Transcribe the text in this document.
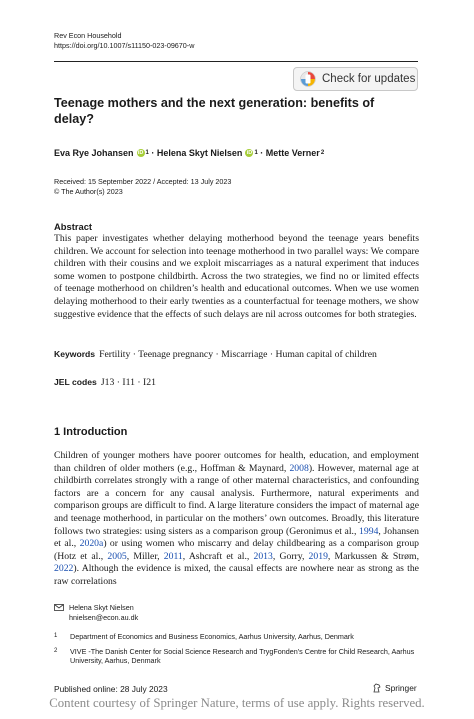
Rev Econ Household
https://doi.org/10.1007/s11150-023-09670-w
Check for updates
Teenage mothers and the next generation: benefits of delay?
Eva Rye Johansen iD 1 · Helena Skyt Nielsen iD 1 · Mette Verner 2
Received: 15 September 2022 / Accepted: 13 July 2023
© The Author(s) 2023
Abstract
This paper investigates whether delaying motherhood beyond the teenage years benefits children. We account for selection into teenage motherhood in two parallel ways: We compare children with their cousins and we exploit miscarriages as a natural experiment that induces some women to postpone childbirth. Across the two strategies, we find no or limited effects of teenage motherhood on children’s health and educational outcomes. When we use women delaying motherhood to their early twenties as a counterfactual for teenage mothers, we show suggestive evidence that the effects of such delays are nil across outcomes for both strategies.
Keywords Fertility · Teenage pregnancy · Miscarriage · Human capital of children
JEL codes J13 · I11 · I21
1 Introduction
Children of younger mothers have poorer outcomes for health, education, and employment than children of older mothers (e.g., Hoffman & Maynard, 2008). However, maternal age at childbirth correlates strongly with a range of other maternal characteristics, and confounding factors are a concern for any causal analysis. Furthermore, natural experiments and comparison groups are difficult to find. A large literature considers the impact of maternal age and teenage motherhood, in particular on the mothers’ own outcomes. Broadly, this literature follows two strategies: using sisters as a comparison group (Geronimus et al., 1994, Johansen et al., 2020a) or using women who miscarry and delay childbearing as a comparison group (Hotz et al., 2005, Miller, 2011, Ashcraft et al., 2013, Gorry, 2019, Markussen & Strøm, 2022). Although the evidence is mixed, the causal effects are nowhere near as strong as the raw correlations
Helena Skyt Nielsen
hnielsen@econ.au.dk
1	Department of Economics and Business Economics, Aarhus University, Aarhus, Denmark
2	VIVE -The Danish Center for Social Science Research and TrygFonden’s Centre for Child Research, Aarhus University, Aarhus, Denmark
Published online: 28 July 2023	Springer
Content courtesy of Springer Nature, terms of use apply. Rights reserved.
